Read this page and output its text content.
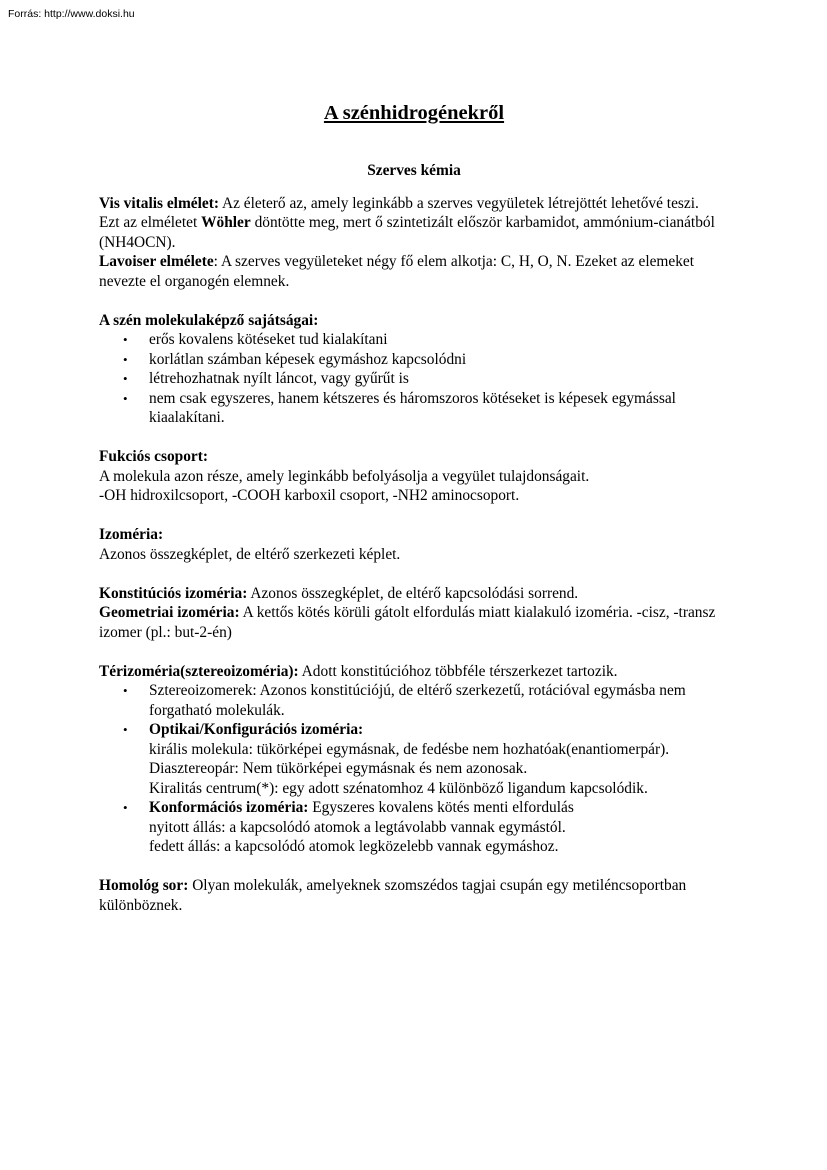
Forrás: http://www.doksi.hu
A szénhidrogénekről

Szerves kémia

Vis vitalis elmélet: Az életerő az, amely leginkább a szerves vegyületek létrejöttét lehetővé teszi.

Ezt az elméletet Wöhler döntötte meg, mert ő szintetizált először karbamidot, ammónium-cianátból (NH4OCN).

Lavoiser elmélete: A szerves vegyületeket négy fő elem alkotja: C, H, O, N. Ezeket az elemeket nevezte el organogén elemnek.

A szén molekulaképző sajátságai:

• erős kovalens kötéseket tud kialakítani
• korlátlan számban képesek egymáshoz kapcsolódni
• létrehozhatnak nyílt láncot, vagy gyűrűt is
• nem csak egyszeres, hanem kétszeres és háromszoros kötéseket is képesek egymással kiaalakítani.

Fukciós csoport:

A molekula azon része, amely leginkább befolyásolja a vegyület tulajdonságait.

-OH hidroxilcsoport, -COOH karboxil csoport, -NH2 aminocsoport.

Izoméria:

Azonos összegképlet, de eltérő szerkezeti képlet.

Konstitúciós izoméria: Azonos összegképlet, de eltérő kapcsolódási sorrend.

Geometriai izoméria: A kettős kötés körüli gátolt elfordulás miatt kialakuló izoméria. -cisz, -transz izomer (pl.: but-2-én)

Térizoméria(sztereoizoméria): Adott konstitúcióhoz többféle térszerkezet tartozik.

• Sztereoizomerek: Azonos konstitúciójú, de eltérő szerkezetű, rotációval egymásba nem forgatható molekulák.
• Optikai/Konfigurációs izoméria:
királis molekula: tükörképei egymásnak, de fedésbe nem hozhatóak(enantiomerpár).
Diasztereopár: Nem tükörképei egymásnak és nem azonosak.
Kiralitás centrum(*): egy adott szénatomhoz 4 különböző ligandum kapcsolódik.
• Konformációs izoméria: Egyszeres kovalens kötés menti elfordulás
nyitott állás: a kapcsolódó atomok a legtávolabb vannak egymástól.
fedett állás: a kapcsolódó atomok legközelebb vannak egymáshoz.

Homológ sor: Olyan molekulák, amelyeknek szomszédos tagjai csupán egy metiléncsoportban különböznek.
